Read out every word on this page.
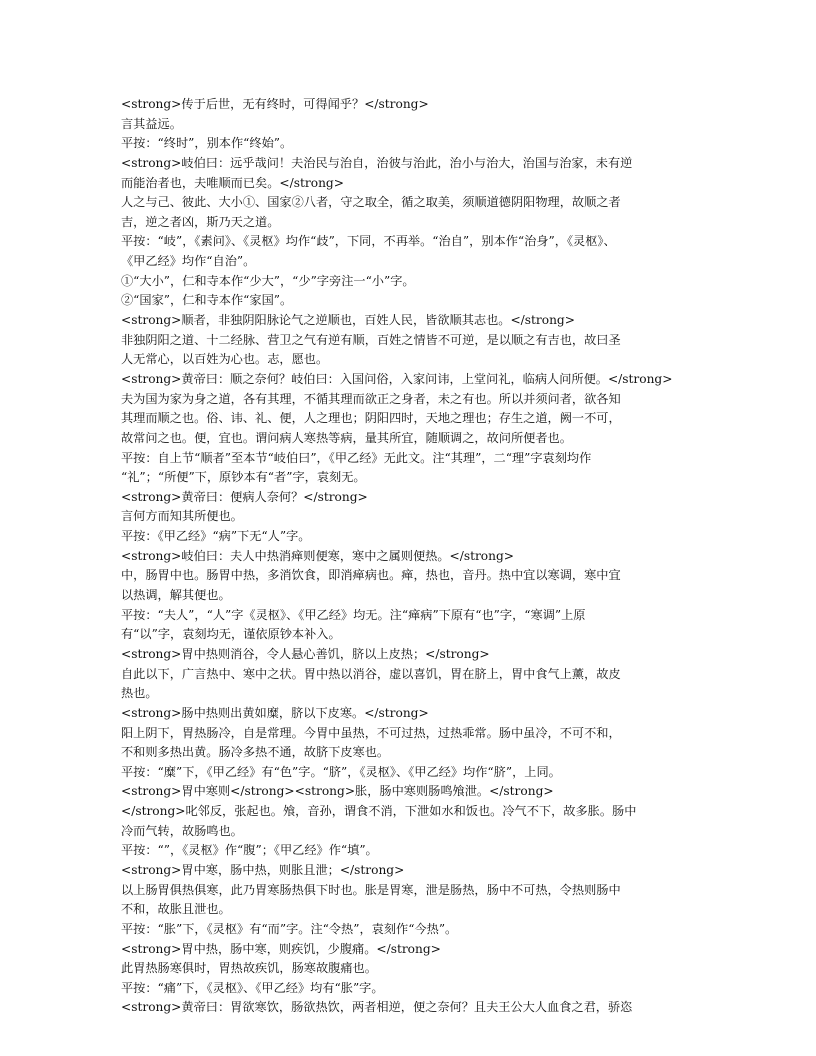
<strong>传于后世，无有终时，可得闻乎？</strong>
言其益远。
平按：“终时”，别本作“终始”。
<strong>岐伯曰：远乎哉问！夫治民与治自，治彼与治此，治小与治大，治国与治家，未有逆
而能治者也，夫唯顺而已矣。</strong>
人之与己、彼此、大小①、国家②八者，守之取全，循之取美，须顺道德阴阳物理，故顺之者
吉，逆之者凶，斯乃天之道。
平按：“岐”，《素问》、《灵枢》均作“歧”，下同，不再举。“治自”，别本作“治身”，《灵枢》、
《甲乙经》均作“自治”。
①“大小”，仁和寺本作“少大”，“少”字旁注一“小”字。
②“国家”，仁和寺本作“家国”。
<strong>顺者，非独阴阳脉论气之逆顺也，百姓人民，皆欲顺其志也。</strong>
非独阴阳之道、十二经脉、营卫之气有逆有顺，百姓之情皆不可逆，是以顺之有吉也，故曰圣
人无常心，以百姓为心也。志，愿也。
<strong>黄帝曰：顺之奈何？岐伯曰：入国问俗，入家问讳，上堂问礼，临病人问所便。</strong>
夫为国为家为身之道，各有其理，不循其理而欲正之身者，未之有也。所以并须问者，欲各知
其理而顺之也。俗、讳、礼、便，人之理也；阴阳四时，天地之理也；存生之道，阙一不可，
故常问之也。便，宜也。谓问病人寒热等病，量其所宜，随顺调之，故问所便者也。
平按：自上节“顺者”至本节“岐伯曰”，《甲乙经》无此文。注“其理”，二“理”字袁刻均作
“礼”；“所便”下，原钞本有“者”字，袁刻无。
<strong>黄帝曰：便病人奈何？</strong>
言何方而知其所便也。
平按：《甲乙经》“病”下无“人”字。
<strong>岐伯曰：夫人中热消瘅则便寒，寒中之属则便热。</strong>
中，肠胃中也。肠胃中热，多消饮食，即消瘅病也。瘅，热也，音丹。热中宜以寒调，寒中宜
以热调，解其便也。
平按：“夫人”，“人”字《灵枢》、《甲乙经》均无。注“瘅病”下原有“也”字，“寒调”上原
有“以”字，袁刻均无，谨依原钞本补入。
<strong>胃中热则消谷，令人悬心善饥，脐以上皮热；</strong>
自此以下，广言热中、寒中之状。胃中热以消谷，虚以喜饥，胃在脐上，胃中食气上薰，故皮
热也。
<strong>肠中热则出黄如糜，脐以下皮寒。</strong>
阳上阴下，胃热肠冷，自是常理。今胃中虽热，不可过热，过热乖常。肠中虽冷，不可不和，
不和则多热出黄。肠冷多热不通，故脐下皮寒也。
平按：“糜”下，《甲乙经》有“色”字。“脐”，《灵枢》、《甲乙经》均作“脐”，上同。
<strong>胃中寒则</strong><strong>胀，肠中寒则肠鸣飧泄。</strong>
</strong>叱邻反，张起也。飧，音孙，谓食不消，下泄如水和饭也。冷气不下，故多胀。肠中
冷而气转，故肠鸣也。
平按：“”，《灵枢》作“腹”；《甲乙经》作“填”。
<strong>胃中寒，肠中热，则胀且泄；</strong>
以上肠胃俱热俱寒，此乃胃寒肠热俱下时也。胀是胃寒，泄是肠热，肠中不可热，令热则肠中
不和，故胀且泄也。
平按：“胀”下，《灵枢》有“而”字。注“令热”，袁刻作“今热”。
<strong>胃中热，肠中寒，则疾饥，少腹痛。</strong>
此胃热肠寒俱时，胃热故疾饥，肠寒故腹痛也。
平按：“痛”下，《灵枢》、《甲乙经》均有“胀”字。
<strong>黄帝曰：胃欲寒饮，肠欲热饮，两者相逆，便之奈何？且夫王公大人血食之君，骄恣
